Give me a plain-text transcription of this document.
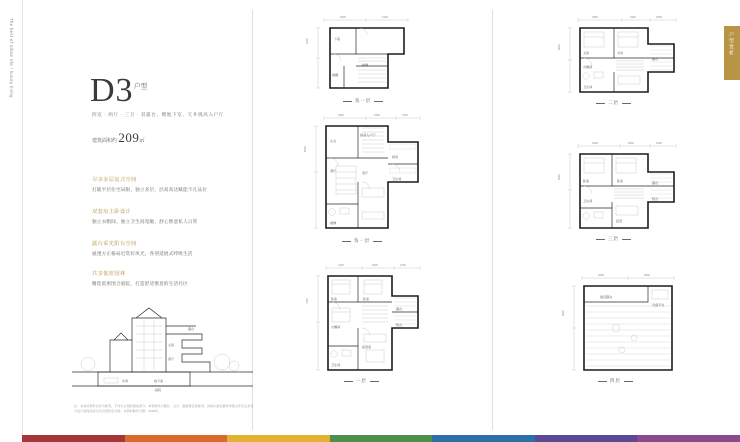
The best of urban life / luxury living	户型赏析
$D3^{户型}$
四室 · 两厅 · 三卫 · 双露台、赠地下室、天井挑高入户厅
建筑面积约 209㎡
尽享多层复式空间

打破平层住宅局限，独立多层，层高高达赋能不凡品位

双套房主卧设计

独立衣帽间、独立卫生间宽敞，舒心惬意私人日常

露台采光阳台空间

通透方正格局近赏好风光，各别延展式呼吸生活

共享低密园林

精选低密围合庭院，打造舒适惬意的生活社区

露台
主卧
客厅
车库	地下室
庭院
注：本宣传资料仅作为参考，不作为合同的组成部分。本资料所示图片、文字、数据等仅供参考，具体以政府最终审批文件及买卖双方签订的商品房买卖合同约定为准。本资料制作日期：2023年。
3600	2100
4200	下室
楼梯
储藏
负一层
4500	3300	1500
6900
客厅
餐厅
厨房
卫生间
玄关
挑高入户厅
楼梯
负一层
4200	3600	2100
7200
起居室
卧室	卧室
卫生间
露台
阳台
衣帽间
一层
3900	3300	1800
6600
主卧	书房
衣帽间
卫生间
露台
二层
4200	3600	1500
6900
卧室	卧室
卫生间
起居
露台
阳台
三层
4500	3600
6900
屋顶露台
设备平台
四层
